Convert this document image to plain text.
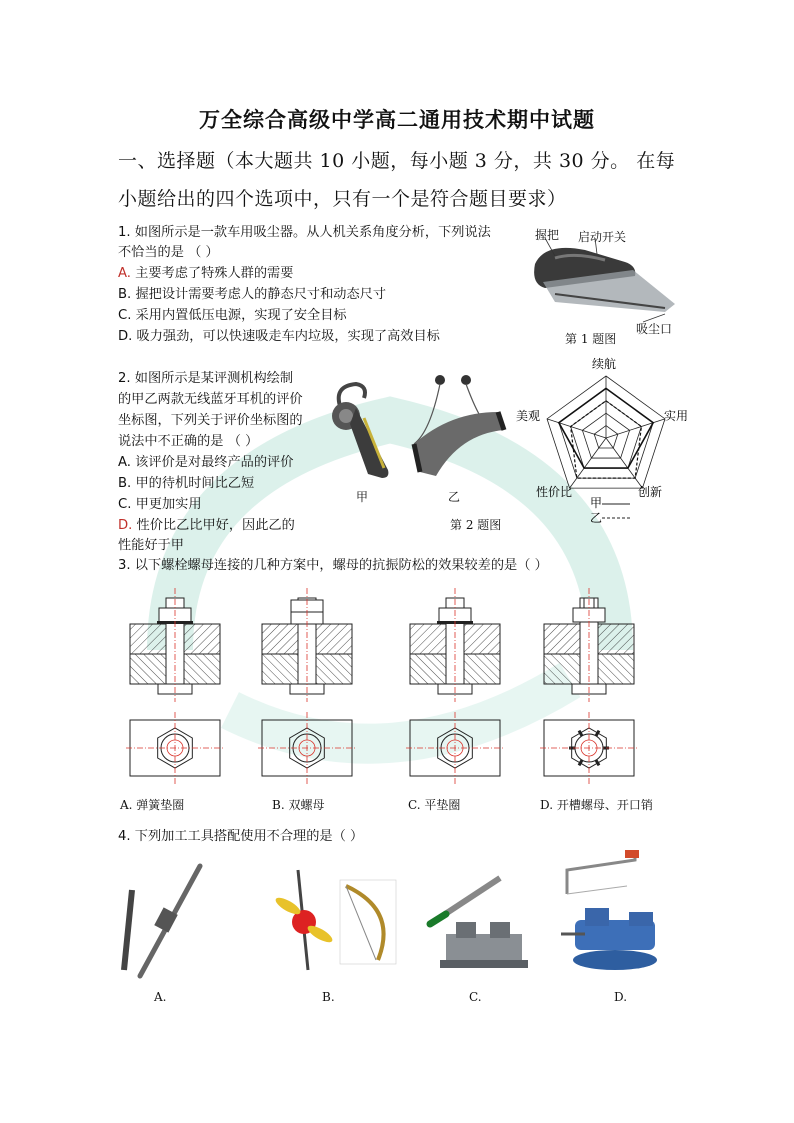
万全综合高级中学高二通用技术期中试题
一、选择题（本大题共 10 小题，每小题 3 分，共 30 分。 在每
小题给出的四个选项中，只有一个是符合题目要求）
1. 如图所示是一款车用吸尘器。从人机关系角度分析，下列说法
不恰当的是 （ ）
A. 主要考虑了特殊人群的需要
B. 握把设计需要考虑人的静态尺寸和动态尺寸
C. 采用内置低压电源，实现了安全目标
D. 吸力强劲，可以快速吸走车内垃圾，实现了高效目标
握把 启动开关
吸尘口
第 1 题图
2. 如图所示是某评测机构绘制
的甲乙两款无线蓝牙耳机的评价
坐标图，下列关于评价坐标图的
说法中不正确的是 （ ）
A. 该评价是对最终产品的评价
B. 甲的待机时间比乙短
C. 甲更加实用
D. 性价比乙比甲好，因此乙的
性能好于甲
甲	乙
第 2 题图
续航
实用
创新
性价比
美观
甲
乙
3. 以下螺栓螺母连接的几种方案中，螺母的抗振防松的效果较差的是（ ）
A. 弹簧垫圈	B. 双螺母	C. 平垫圈	D. 开槽螺母、开口销
4. 下列加工工具搭配使用不合理的是（ ）
A.	B.	C.	D.
